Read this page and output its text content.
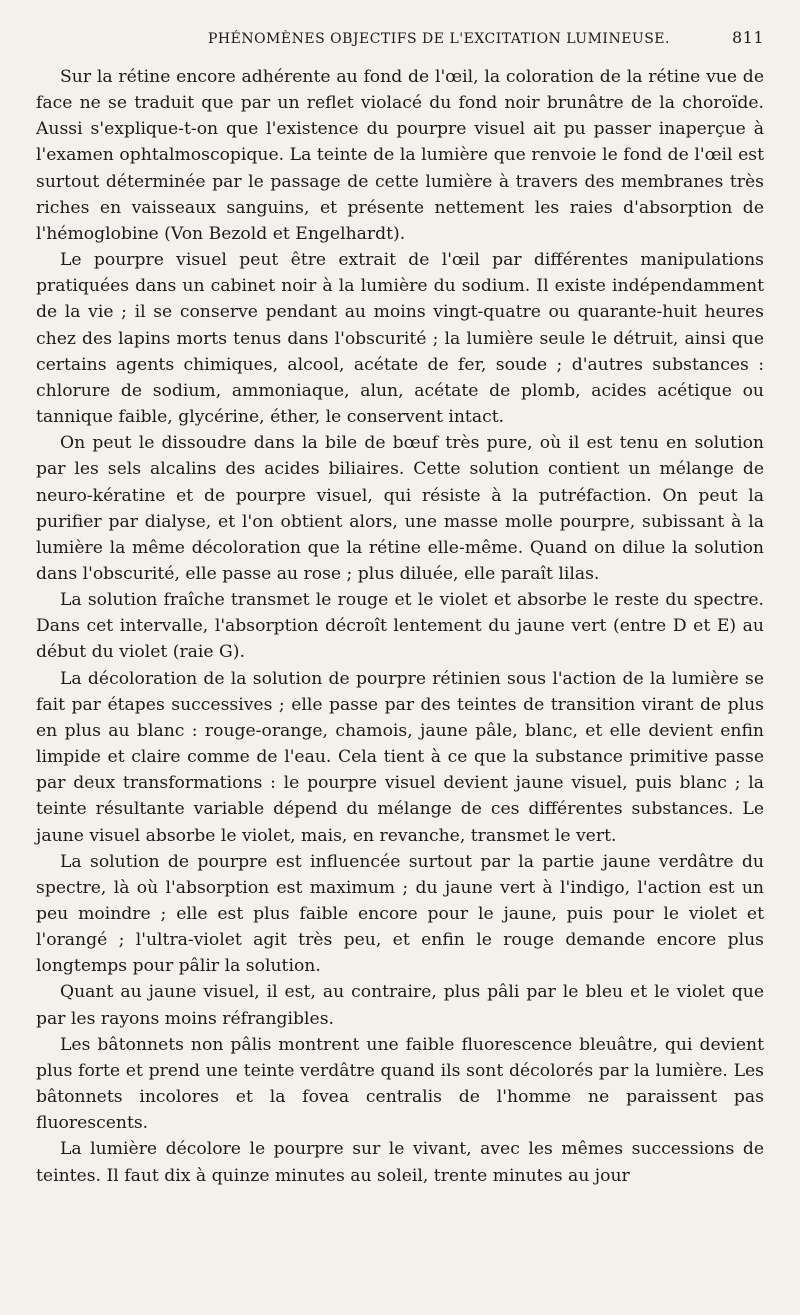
PHÉNOMÈNES OBJECTIFS DE L'EXCITATION LUMINEUSE.	811

Sur la rétine encore adhérente au fond de l'œil, la coloration de la rétine vue de face ne se traduit que par un reflet violacé du fond noir brunâtre de la choroïde. Aussi s'explique-t-on que l'existence du pourpre visuel ait pu passer inaperçue à l'examen ophtalmoscopique. La teinte de la lumière que renvoie le fond de l'œil est surtout déterminée par le passage de cette lumière à travers des membranes très riches en vaisseaux sanguins, et présente nettement les raies d'absorption de l'hémoglobine (Von Bezold et Engelhardt).

Le pourpre visuel peut être extrait de l'œil par différentes manipulations pratiquées dans un cabinet noir à la lumière du sodium. Il existe indépendamment de la vie ; il se conserve pendant au moins vingt-quatre ou quarante-huit heures chez des lapins morts tenus dans l'obscurité ; la lumière seule le détruit, ainsi que certains agents chimiques, alcool, acétate de fer, soude ; d'autres substances : chlorure de sodium, ammoniaque, alun, acétate de plomb, acides acétique ou tannique faible, glycérine, éther, le conservent intact.

On peut le dissoudre dans la bile de bœuf très pure, où il est tenu en solution par les sels alcalins des acides biliaires. Cette solution contient un mélange de neuro-kératine et de pourpre visuel, qui résiste à la putréfaction. On peut la purifier par dialyse, et l'on obtient alors, une masse molle pourpre, subissant à la lumière la même décoloration que la rétine elle-même. Quand on dilue la solution dans l'obscurité, elle passe au rose ; plus diluée, elle paraît lilas.

La solution fraîche transmet le rouge et le violet et absorbe le reste du spectre. Dans cet intervalle, l'absorption décroît lentement du jaune vert (entre D et E) au début du violet (raie G).

La décoloration de la solution de pourpre rétinien sous l'action de la lumière se fait par étapes successives ; elle passe par des teintes de transition virant de plus en plus au blanc : rouge-orange, chamois, jaune pâle, blanc, et elle devient enfin limpide et claire comme de l'eau. Cela tient à ce que la substance primitive passe par deux transformations : le pourpre visuel devient jaune visuel, puis blanc ; la teinte résultante variable dépend du mélange de ces différentes substances. Le jaune visuel absorbe le violet, mais, en revanche, transmet le vert.

La solution de pourpre est influencée surtout par la partie jaune verdâtre du spectre, là où l'absorption est maximum ; du jaune vert à l'indigo, l'action est un peu moindre ; elle est plus faible encore pour le jaune, puis pour le violet et l'orangé ; l'ultra-violet agit très peu, et enfin le rouge demande encore plus longtemps pour pâlir la solution.

Quant au jaune visuel, il est, au contraire, plus pâli par le bleu et le violet que par les rayons moins réfrangibles.

Les bâtonnets non pâlis montrent une faible fluorescence bleuâtre, qui devient plus forte et prend une teinte verdâtre quand ils sont décolorés par la lumière. Les bâtonnets incolores et la fovea centralis de l'homme ne paraissent pas fluorescents.

La lumière décolore le pourpre sur le vivant, avec les mêmes successions de teintes. Il faut dix à quinze minutes au soleil, trente minutes au jour
